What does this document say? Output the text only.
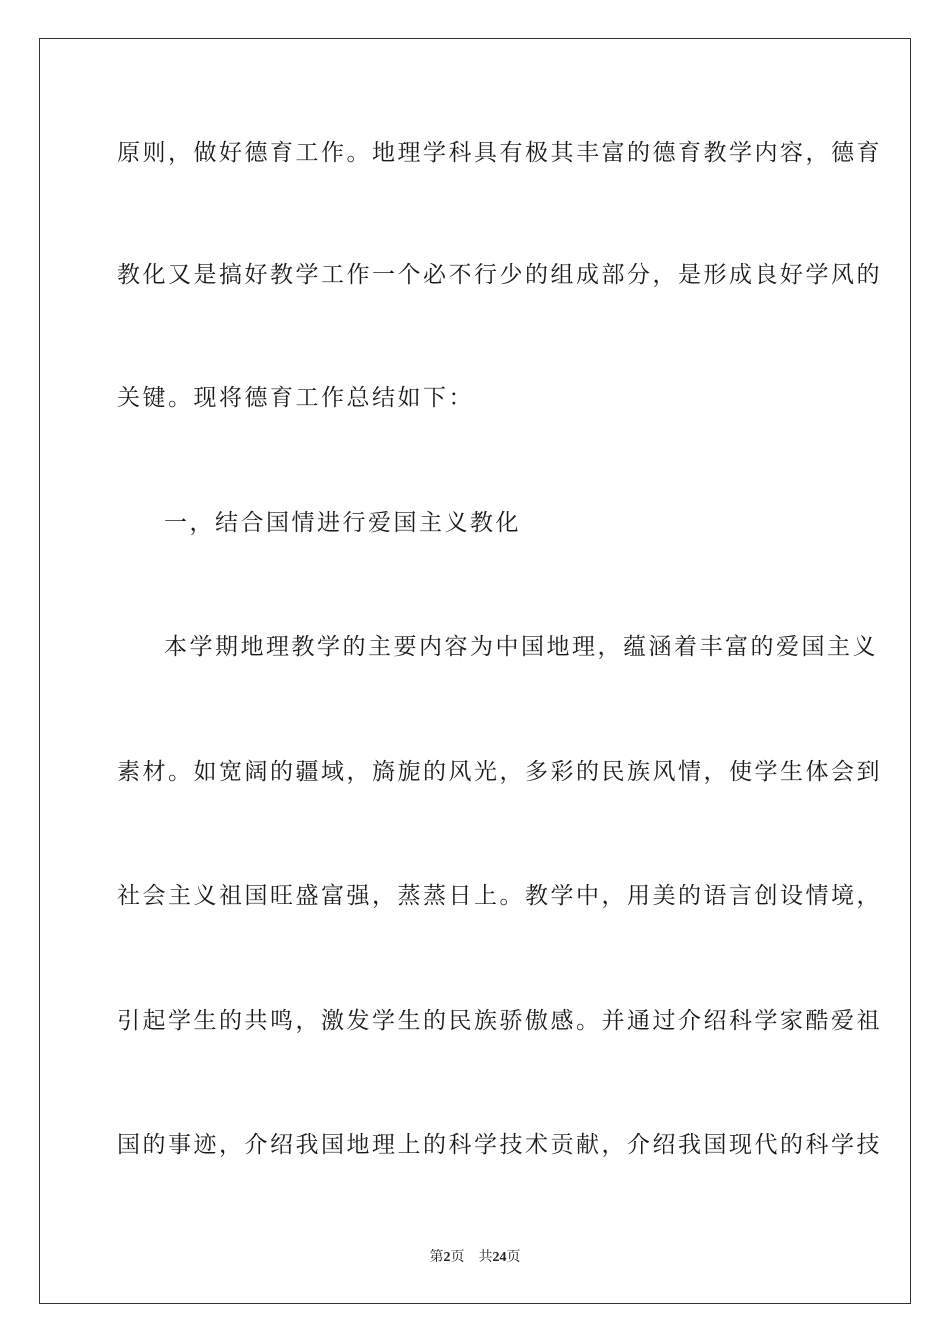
原则，做好德育工作。地理学科具有极其丰富的德育教学内容，德育
教化又是搞好教学工作一个必不行少的组成部分，是形成良好学风的
关键。现将德育工作总结如下：
一，结合国情进行爱国主义教化
本学期地理教学的主要内容为中国地理，蕴涵着丰富的爱国主义
素材。如宽阔的疆域，旖旎的风光，多彩的民族风情，使学生体会到
社会主义祖国旺盛富强，蒸蒸日上。教学中，用美的语言创设情境，
引起学生的共鸣，激发学生的民族骄傲感。并通过介绍科学家酷爱祖
国的事迹，介绍我国地理上的科学技术贡献，介绍我国现代的科学技
第2页 共24页
